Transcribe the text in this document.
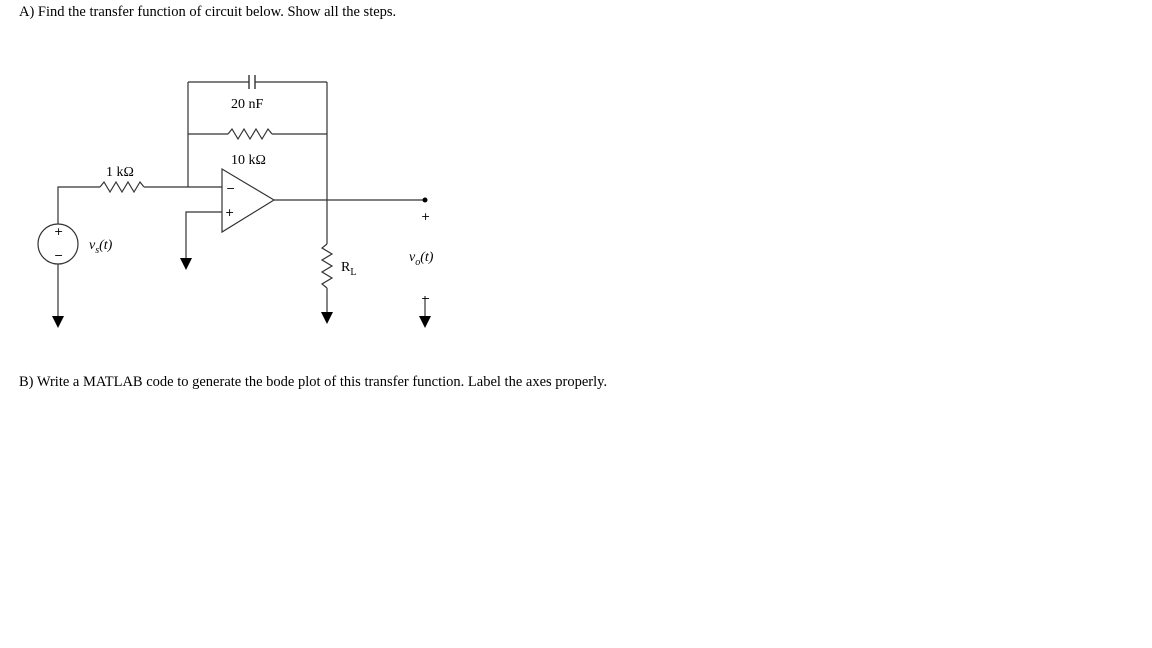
A) Find the transfer function of circuit below. Show all the steps.

20 nF
10 kΩ
1 kΩ
$R_L$
$v_s(t)$
$v_o(t)$
+
−
−
+	+
−

B) Write a MATLAB code to generate the bode plot of this transfer function. Label the axes properly.
